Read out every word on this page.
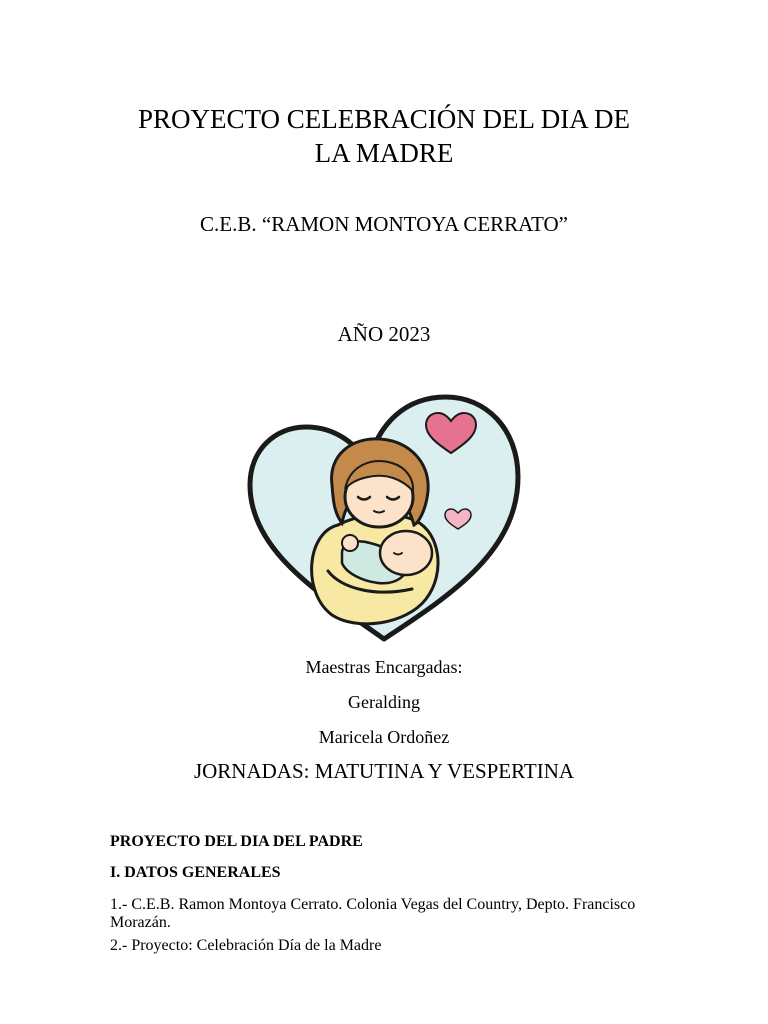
PROYECTO CELEBRACIÓN DEL DIA DE
LA MADRE

C.E.B. “RAMON MONTOYA CERRATO”

AÑO 2023

Maestras Encargadas:

Geralding

Maricela Ordoñez

JORNADAS: MATUTINA Y VESPERTINA

PROYECTO DEL DIA DEL PADRE

I. DATOS GENERALES

1.- C.E.B. Ramon Montoya Cerrato. Colonia Vegas del Country, Depto. Francisco Morazán.

2.- Proyecto: Celebración Día de la Madre
